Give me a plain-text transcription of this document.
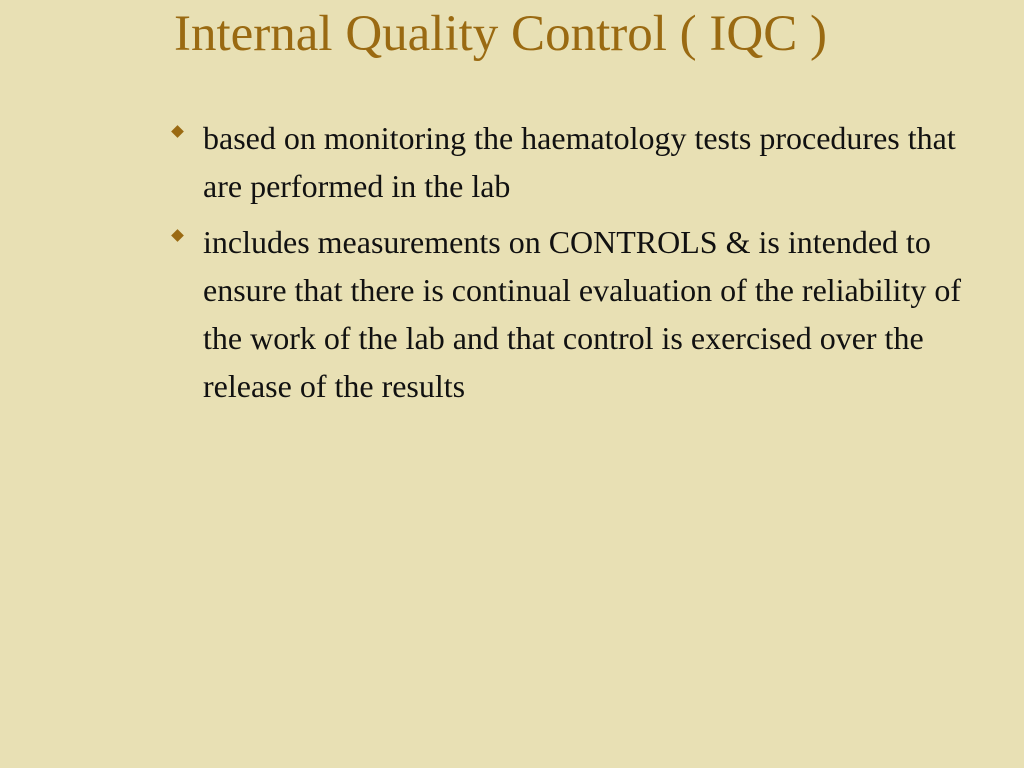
Internal Quality Control ( IQC )
based on monitoring the haematology tests procedures that are performed in the lab
includes measurements on CONTROLS & is intended to ensure that there is continual evaluation of the reliability of the work of the lab and that control is exercised over the release of the results
